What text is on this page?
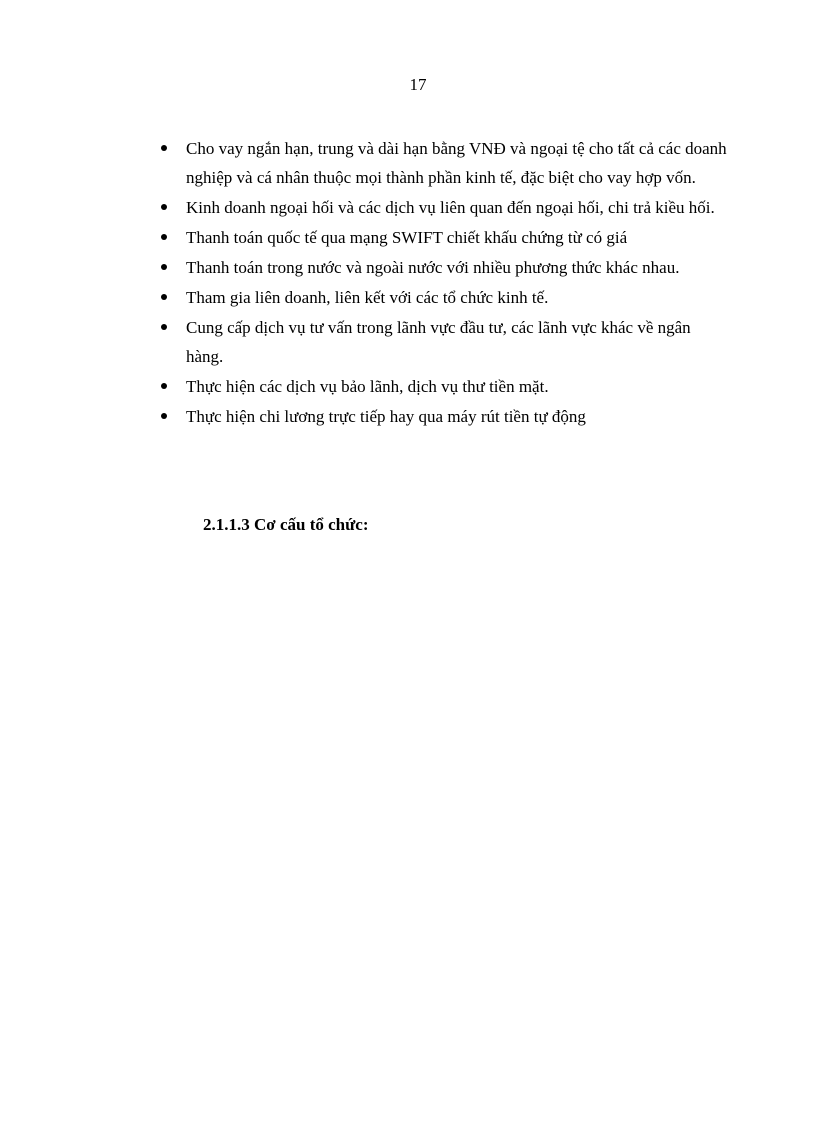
17
Cho vay ngắn hạn, trung và dài hạn bằng VNĐ và ngoại tệ cho tất cả các doanh nghiệp và cá nhân thuộc mọi thành phần kinh tế, đặc biệt cho vay hợp vốn.
Kinh doanh ngoại hối và các dịch vụ liên quan đến ngoại hối, chi trả kiều hối.
Thanh toán quốc tế qua mạng SWIFT chiết khấu chứng từ có giá
Thanh toán trong nước và ngoài nước với nhiều phương thức khác nhau.
Tham gia liên doanh, liên kết với các tổ chức kinh tế.
Cung cấp dịch vụ tư vấn trong lãnh vực đầu tư, các lãnh vực khác về ngân hàng.
Thực hiện các dịch vụ bảo lãnh, dịch vụ thư tiền mặt.
Thực hiện chi lương trực tiếp hay qua máy rút tiền tự động
2.1.1.3 Cơ cấu tổ chức:
